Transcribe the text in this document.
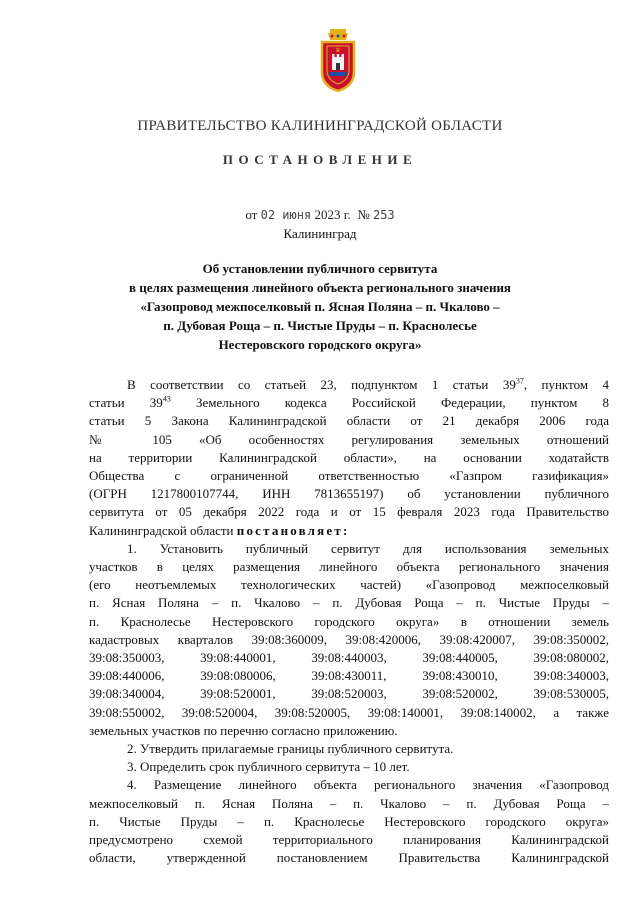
♛
ПРАВИТЕЛЬСТВО КАЛИНИНГРАДСКОЙ ОБЛАСТИ
ПОСТАНОВЛЕНИЕ
от 02 июня 2023 г. № 253
Калининград
Об установлении публичного сервитута
в целях размещения линейного объекта регионального значения
«Газопровод межпоселковый п. Ясная Поляна – п. Чкалово –
п. Дубовая Роща – п. Чистые Пруды – п. Краснолесье
Нестеровского городского округа»

В соответствии со статьей 23, подпунктом 1 статьи $39^{37}$, пунктом 4

статьи $39^{43}$ Земельного кодекса Российской Федерации, пунктом 8

статьи 5 Закона Калининградской области от 21 декабря 2006 года

№ 105 «Об особенностях регулирования земельных отношений

на территории Калининградской области», на основании ходатайств

Общества с ограниченной ответственностью «Газпром газификация»

(ОГРН 1217800107744, ИНН 7813655197) об установлении публичного

сервитута от 05 декабря 2022 года и от 15 февраля 2023 года Правительство

Калининградской области постановляет:

1. Установить публичный сервитут для использования земельных

участков в целях размещения линейного объекта регионального значения

(его неотъемлемых технологических частей) «Газопровод межпоселковый

п. Ясная Поляна – п. Чкалово – п. Дубовая Роща – п. Чистые Пруды –

п. Краснолесье Нестеровского городского округа» в отношении земель

кадастровых кварталов 39:08:360009, 39:08:420006, 39:08:420007, 39:08:350002,

39:08:350003, 39:08:440001, 39:08:440003, 39:08:440005, 39:08:080002,

39:08:440006, 39:08:080006, 39:08:430011, 39:08:430010, 39:08:340003,

39:08:340004, 39:08:520001, 39:08:520003, 39:08:520002, 39:08:530005,

39:08:550002, 39:08:520004, 39:08:520005, 39:08:140001, 39:08:140002, а также

земельных участков по перечню согласно приложению.

2. Утвердить прилагаемые границы публичного сервитута.

3. Определить срок публичного сервитута – 10 лет.

4. Размещение линейного объекта регионального значения «Газопровод

межпоселковый п. Ясная Поляна – п. Чкалово – п. Дубовая Роща –

п. Чистые Пруды – п. Краснолесье Нестеровского городского округа»

предусмотрено схемой территориального планирования Калининградской

области, утвержденной постановлением Правительства Калининградской
